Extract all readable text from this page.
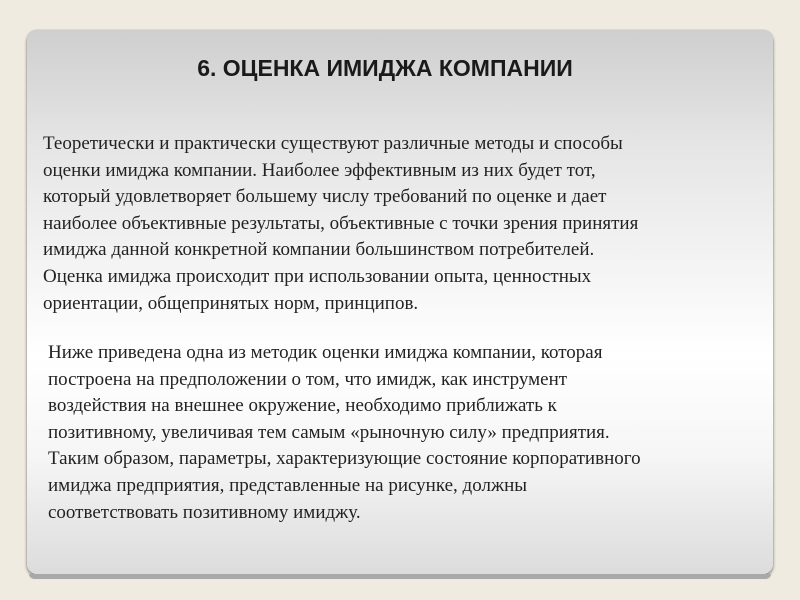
6. ОЦЕНКА ИМИДЖА КОМПАНИИ

Теоретически и практически существуют различные методы и способы
оценки имиджа компании. Наиболее эффективным из них будет тот,
который удовлетворяет большему числу требований по оценке и дает
наиболее объективные результаты, объективные с точки зрения принятия
имиджа данной конкретной компании большинством потребителей.
Оценка имиджа происходит при использовании опыта, ценностных
ориентации, общепринятых норм, принципов.

Ниже приведена одна из методик оценки имиджа компании, которая
построена на предположении о том, что имидж, как инструмент
воздействия на внешнее окружение, необходимо приближать к
позитивному, увеличивая тем самым «рыночную силу» предприятия.
Таким образом, параметры, характеризующие состояние корпоративного
имиджа предприятия, представленные на рисунке, должны
соответствовать позитивному имиджу.
